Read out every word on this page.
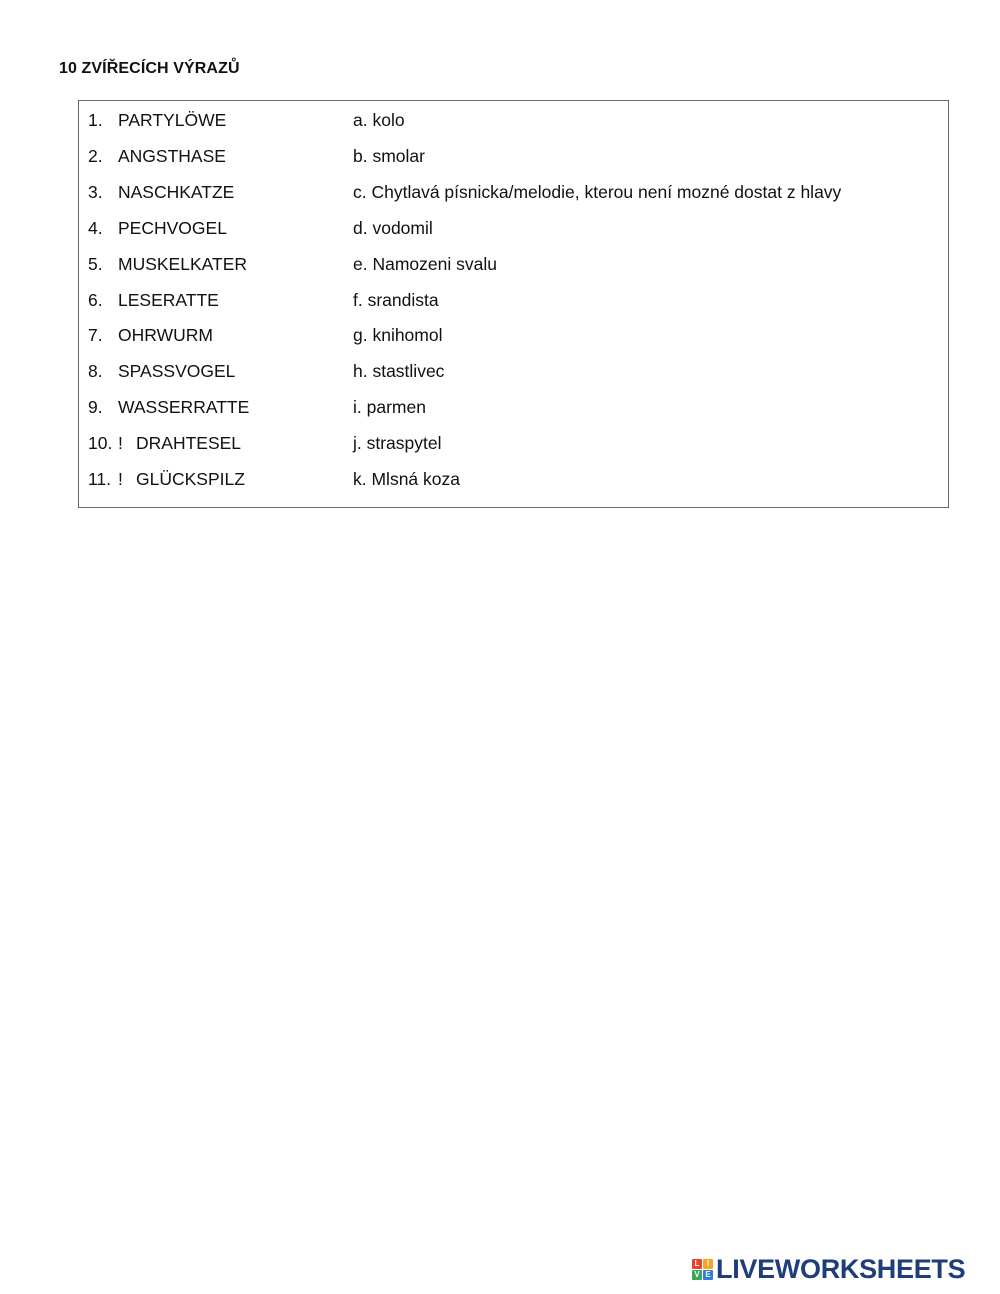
10 ZVÍŘECÍCH VÝRAZŮ
1. PARTYLÖWE	a. kolo
2. ANGSTHASE	b. smolar
3. NASCHKATZE	c. Chytlavá písnicka/melodie, kterou není mozné dostat z hlavy
4. PECHVOGEL	d. vodomil
5. MUSKELKATER	e. Namozeni svalu
6. LESERATTE	f. srandista
7. OHRWURM	g. knihomol
8. SPASSVOGEL	h. stastlivec
9. WASSERRATTE	i. parmen
10. ! DRAHTESEL	j. straspytel
11. ! GLÜCKSPILZ	k. Mlsná koza
L I
V E LIVEWORKSHEETS
